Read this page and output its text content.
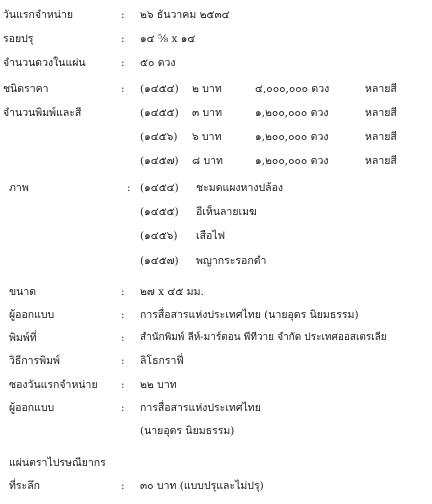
วันแรกจำหน่าย	: ๒๖ ธันวาคม ๒๕๓๔
รอยปรุ	: ๑๔ ⅝ x ๑๔
จำนวนดวงในแผ่น	: ๕๐ ดวง
ชนิดราคา	: (๑๔๕๔) ๒ บาท	๔,๐๐๐,๐๐๐ ดวง	หลายสี
จำนวนพิมพ์และสี	(๑๔๕๕) ๓ บาท	๑,๒๐๐,๐๐๐ ดวง	หลายสี
(๑๔๕๖) ๖ บาท	๑,๒๐๐,๐๐๐ ดวง	หลายสี
(๑๔๕๗) ๘ บาท	๑,๒๐๐,๐๐๐ ดวง	หลายสี
ภาพ	: (๑๔๕๔) ชะมดแผงหางปล้อง
(๑๔๕๕) อีเห็นลายเมฆ
(๑๔๕๖) เสือไฟ
(๑๔๕๗) พญากระรอกดำ
ขนาด	: ๒๗ x ๔๕ มม.
ผู้ออกแบบ	: การสื่อสารแห่งประเทศไทย (นายอุดร นิยมธรรม)
พิมพ์ที่	: สำนักพิมพ์ ลีห์-มาร์ตอน พีทีวาย จำกัด ประเทศออสเตรเลีย
วิธีการพิมพ์	: ลิโธกราฟี่
ซองวันแรกจำหน่าย : ๒๒ บาท
ผู้ออกแบบ	: การสื่อสารแห่งประเทศไทย
(นายอุดร นิยมธรรม)
แผ่นตราไปรษณียากร
ที่ระลึก	: ๓๐ บาท (แบบปรุและไม่ปรุ)
